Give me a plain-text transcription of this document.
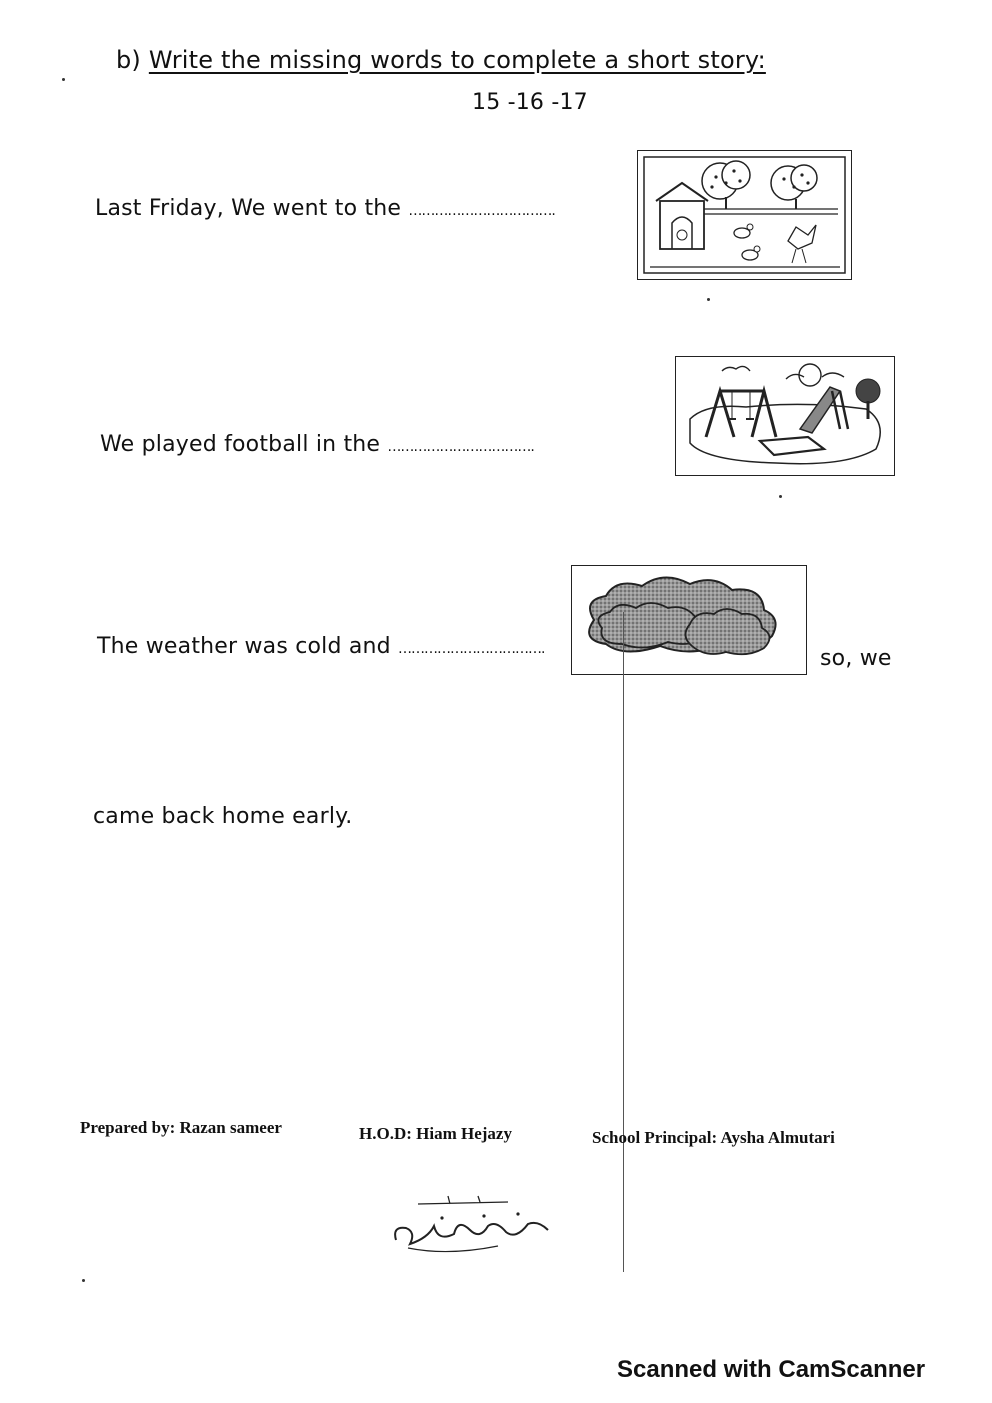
b) Write the missing words to complete a short story:
15 -16 -17
Last Friday, We went to the …………………………….
We played football in the …………………………….
The weather was cold and …………………………….	so, we
came back home early.
Prepared by: Razan sameer	H.O.D: Hiam Hejazy	School Principal: Aysha Almutari
Scanned with CamScanner
